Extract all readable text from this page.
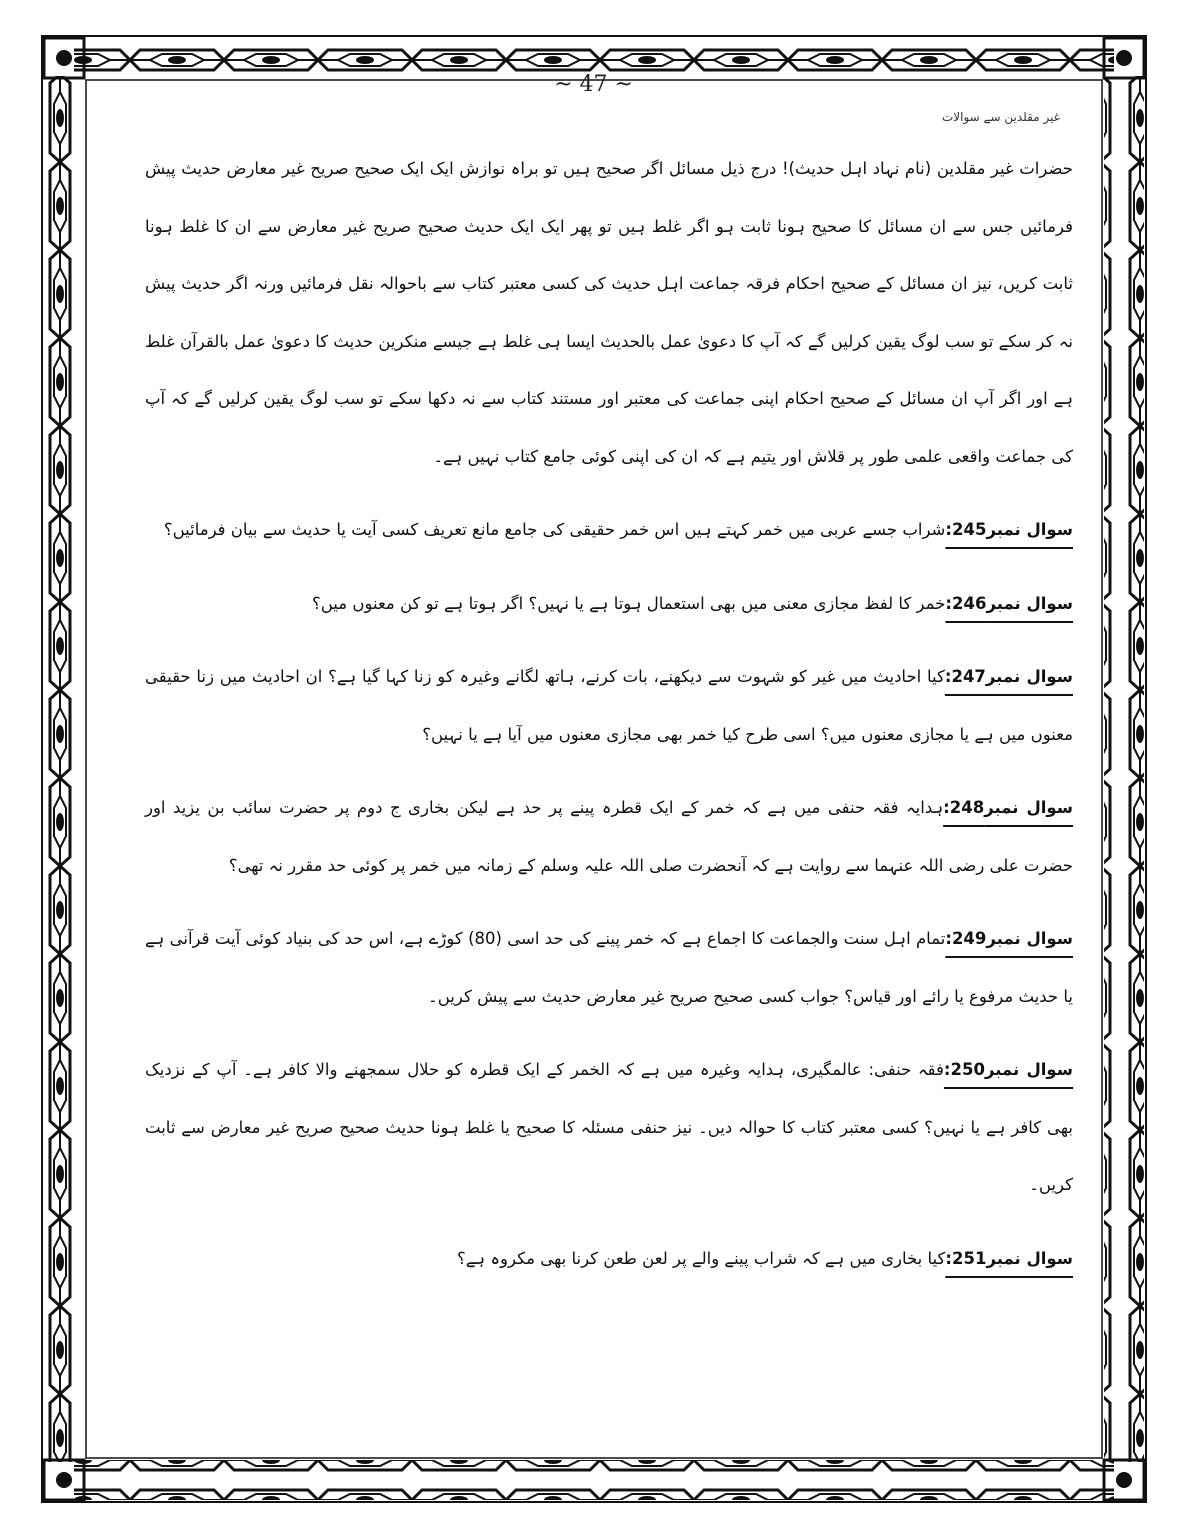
~ 47 ~
غیر مقلدین سے سوالات

حضرات غیر مقلدین (نام نہاد اہل حدیث)! درج ذیل مسائل اگر صحیح ہیں تو براہ نوازش ایک ایک صحیح صریح غیر معارض حدیث پیش فرمائیں جس سے ان مسائل کا صحیح ہونا ثابت ہو اگر غلط ہیں تو پھر ایک ایک حدیث صحیح صریح غیر معارض سے ان کا غلط ہونا ثابت کریں، نیز ان مسائل کے صحیح احکام فرقہ جماعت اہل حدیث کی کسی معتبر کتاب سے باحوالہ نقل فرمائیں ورنہ اگر حدیث پیش نہ کر سکے تو سب لوگ یقین کرلیں گے کہ آپ کا دعویٰ عمل بالحدیث ایسا ہی غلط ہے جیسے منکرین حدیث کا دعویٰ عمل بالقرآن غلط ہے اور اگر آپ ان مسائل کے صحیح احکام اپنی جماعت کی معتبر اور مستند کتاب سے نہ دکھا سکے تو سب لوگ یقین کرلیں گے کہ آپ کی جماعت واقعی علمی طور پر قلاش اور یتیم ہے کہ ان کی اپنی کوئی جامع کتاب نہیں ہے۔

سوال نمبر245:شراب جسے عربی میں خمر کہتے ہیں اس خمر حقیقی کی جامع مانع تعریف کسی آیت یا حدیث سے بیان فرمائیں؟

سوال نمبر246:خمر کا لفظ مجازی معنی میں بھی استعمال ہوتا ہے یا نہیں؟ اگر ہوتا ہے تو کن معنوں میں؟

سوال نمبر247:کیا احادیث میں غیر کو شہوت سے دیکھنے، بات کرنے، ہاتھ لگانے وغیرہ کو زنا کہا گیا ہے؟ ان احادیث میں زنا حقیقی معنوں میں ہے یا مجازی معنوں میں؟ اسی طرح کیا خمر بھی مجازی معنوں میں آیا ہے یا نہیں؟

سوال نمبر248:ہدایہ فقہ حنفی میں ہے کہ خمر کے ایک قطرہ پینے پر حد ہے لیکن بخاری ج دوم پر حضرت سائب بن یزید اور حضرت علی رضی اللہ عنہما سے روایت ہے کہ آنحضرت صلی اللہ علیہ وسلم کے زمانہ میں خمر پر کوئی حد مقرر نہ تھی؟

سوال نمبر249:تمام اہل سنت والجماعت کا اجماع ہے کہ خمر پینے کی حد اسی (80) کوڑے ہے، اس حد کی بنیاد کوئی آیت قرآنی ہے یا حدیث مرفوع یا رائے اور قیاس؟ جواب کسی صحیح صریح غیر معارض حدیث سے پیش کریں۔

سوال نمبر250:فقہ حنفی: عالمگیری، ہدایہ وغیرہ میں ہے کہ الخمر کے ایک قطرہ کو حلال سمجھنے والا کافر ہے۔ آپ کے نزدیک بھی کافر ہے یا نہیں؟ کسی معتبر کتاب کا حوالہ دیں۔ نیز حنفی مسئلہ کا صحیح یا غلط ہونا حدیث صحیح صریح غیر معارض سے ثابت کریں۔

سوال نمبر251:کیا بخاری میں ہے کہ شراب پینے والے پر لعن طعن کرنا بھی مکروہ ہے؟
